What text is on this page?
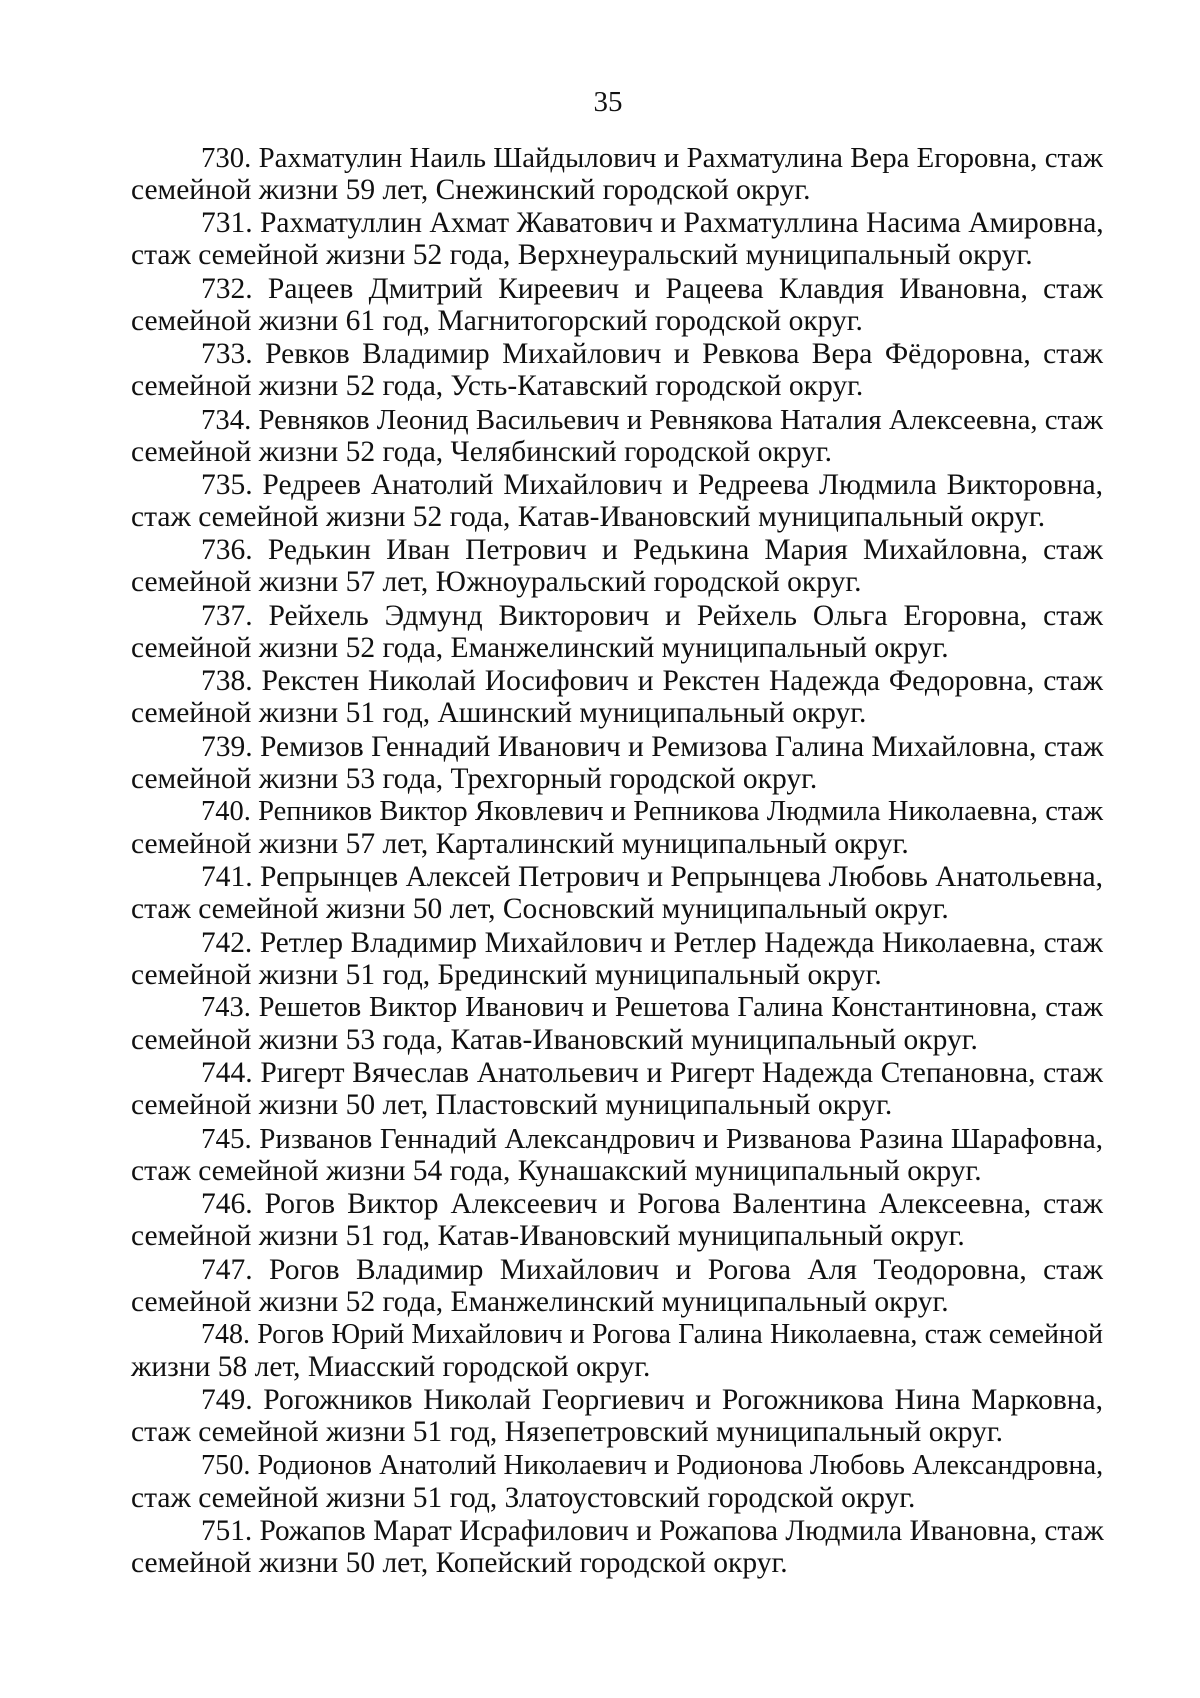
35
730. Рахматулин Наиль Шайдылович и Рахматулина Вера Егоровна, стаж
семейной жизни 59 лет, Снежинский городской округ.
731. Рахматуллин Ахмат Жаватович и Рахматуллина Насима Амировна,
стаж семейной жизни 52 года, Верхнеуральский муниципальный округ.
732. Рацеев Дмитрий Киреевич и Рацеева Клавдия Ивановна, стаж
семейной жизни 61 год, Магнитогорский городской округ.
733. Ревков Владимир Михайлович и Ревкова Вера Фёдоровна, стаж
семейной жизни 52 года, Усть-Катавский городской округ.
734. Ревняков Леонид Васильевич и Ревнякова Наталия Алексеевна, стаж
семейной жизни 52 года, Челябинский городской округ.
735. Редреев Анатолий Михайлович и Редреева Людмила Викторовна,
стаж семейной жизни 52 года, Катав-Ивановский муниципальный округ.
736. Редькин Иван Петрович и Редькина Мария Михайловна, стаж
семейной жизни 57 лет, Южноуральский городской округ.
737. Рейхель Эдмунд Викторович и Рейхель Ольга Егоровна, стаж
семейной жизни 52 года, Еманжелинский муниципальный округ.
738. Рекстен Николай Иосифович и Рекстен Надежда Федоровна, стаж
семейной жизни 51 год, Ашинский муниципальный округ.
739. Ремизов Геннадий Иванович и Ремизова Галина Михайловна, стаж
семейной жизни 53 года, Трехгорный городской округ.
740. Репников Виктор Яковлевич и Репникова Людмила Николаевна, стаж
семейной жизни 57 лет, Карталинский муниципальный округ.
741. Репрынцев Алексей Петрович и Репрынцева Любовь Анатольевна,
стаж семейной жизни 50 лет, Сосновский муниципальный округ.
742. Ретлер Владимир Михайлович и Ретлер Надежда Николаевна, стаж
семейной жизни 51 год, Брединский муниципальный округ.
743. Решетов Виктор Иванович и Решетова Галина Константиновна, стаж
семейной жизни 53 года, Катав-Ивановский муниципальный округ.
744. Ригерт Вячеслав Анатольевич и Ригерт Надежда Степановна, стаж
семейной жизни 50 лет, Пластовский муниципальный округ.
745. Ризванов Геннадий Александрович и Ризванова Разина Шарафовна,
стаж семейной жизни 54 года, Кунашакский муниципальный округ.
746. Рогов Виктор Алексеевич и Рогова Валентина Алексеевна, стаж
семейной жизни 51 год, Катав-Ивановский муниципальный округ.
747. Рогов Владимир Михайлович и Рогова Аля Теодоровна, стаж
семейной жизни 52 года, Еманжелинский муниципальный округ.
748. Рогов Юрий Михайлович и Рогова Галина Николаевна, стаж семейной
жизни 58 лет, Миасский городской округ.
749. Рогожников Николай Георгиевич и Рогожникова Нина Марковна,
стаж семейной жизни 51 год, Нязепетровский муниципальный округ.
750. Родионов Анатолий Николаевич и Родионова Любовь Александровна,
стаж семейной жизни 51 год, Златоустовский городской округ.
751. Рожапов Марат Исрафилович и Рожапова Людмила Ивановна, стаж
семейной жизни 50 лет, Копейский городской округ.
